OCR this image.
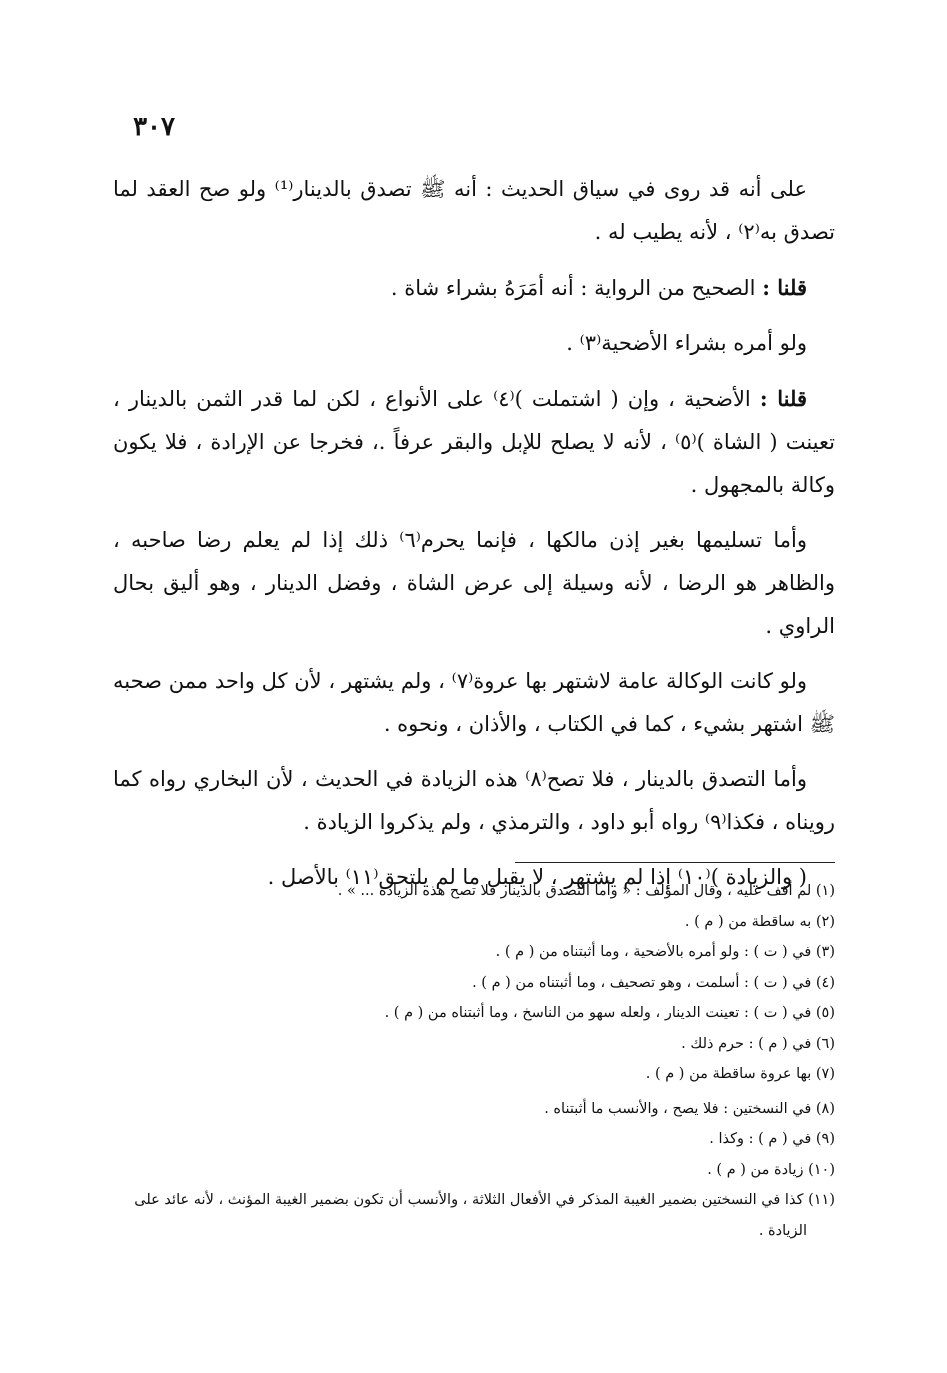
٣٠٧

على أنه قد روى في سياق الحديث : أنه ﷺ تصدق بالدينار⁽¹⁾ ولو صح العقد لما تصدق به⁽٢⁾ ، لأنه يطيب له .

قلنا : الصحيح من الرواية : أنه أمَرَهُ بشراء شاة .

ولو أمره بشراء الأضحية⁽٣⁾ .

قلنا : الأضحية ، وإن ( اشتملت )⁽٤⁾ على الأنواع ، لكن لما قدر الثمن بالدينار ، تعينت ( الشاة )⁽٥⁾ ، لأنه لا يصلح للإبل والبقر عرفاً .، فخرجا عن الإرادة ، فلا يكون وكالة بالمجهول .

وأما تسليمها بغير إذن مالكها ، فإنما يحرم⁽٦⁾ ذلك إذا لم يعلم رضا صاحبه ، والظاهر هو الرضا ، لأنه وسيلة إلى عرض الشاة ، وفضل الدينار ، وهو أليق بحال الراوي .

ولو كانت الوكالة عامة لاشتهر بها عروة⁽٧⁾ ، ولم يشتهر ، لأن كل واحد ممن صحبه ﷺ اشتهر بشيء ، كما في الكتاب ، والأذان ، ونحوه .

وأما التصدق بالدينار ، فلا تصح⁽٨⁾ هذه الزيادة في الحديث ، لأن البخاري رواه كما رويناه ، فكذا⁽٩⁾ رواه أبو داود ، والترمذي ، ولم يذكروا الزيادة .

( والزيادة )⁽١٠⁾ إذا لم يشتهر ، لا يقبل ما لم يلتحق⁽١١⁾ بالأصل .

(١) لم أقف عليه ، وقال المؤلف : « وأما التصدق بالدينار فلا تصح هذه الزيادة ... » .

(٢) به ساقطة من ( م ) .

(٣) في ( ت ) : ولو أمره بالأضحية ، وما أثبتناه من ( م ) .

(٤) في ( ت ) : أسلمت ، وهو تصحيف ، وما أثبتناه من ( م ) .

(٥) في ( ت ) : تعينت الدينار ، ولعله سهو من الناسخ ، وما أثبتناه من ( م ) .

(٦) في ( م ) : حرم ذلك .

(٧) بها عروة ساقطة من ( م ) .

(٨) في النسختين : فلا يصح ، والأنسب ما أثبتناه .

(٩) في ( م ) : وكذا .

(١٠) زيادة من ( م ) .

(١١) كذا في النسختين بضمير الغيبة المذكر في الأفعال الثلاثة ، والأنسب أن تكون بضمير الغيبة المؤنث ، لأنه عائد على الزيادة .
